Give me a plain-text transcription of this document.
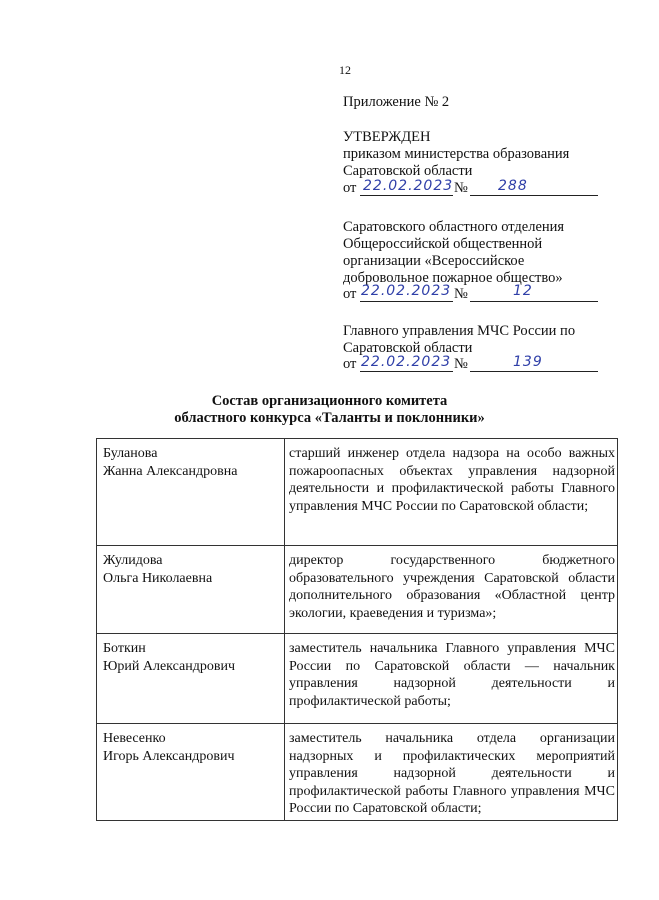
12
Приложение № 2
УТВЕРЖДЕН
приказом министерства образования
Саратовской области
от 22.02.2023 № 288
Саратовского областного отделения
Общероссийской общественной
организации «Всероссийское
добровольное пожарное общество»
от 22.02.2023 №	12
Главного управления МЧС России по
Саратовской области
от 22.02.2023 №	139
Состав организационного комитета
областного конкурса «Таланты и поклонники»
Буланова
Жанна Александровна	старший инженер отдела надзора на особо важных пожароопасных объектах управления надзорной деятельности и профилактической работы Главного управления МЧС России по Саратовской области;

Жулидова
Ольга Николаевна	директор государственного бюджетного образовательного учреждения Саратовской области дополнительного образования «Областной центр экологии, краеведения и туризма»;

Боткин
Юрий Александрович	заместитель начальника Главного управления МЧС России по Саратовской области — начальник управления надзорной деятельности и профилактической работы;

Невесенко
Игорь Александрович	заместитель начальника отдела организации надзорных и профилактических мероприятий управления надзорной деятельности и профилактической работы Главного управления МЧС России по Саратовской области;
